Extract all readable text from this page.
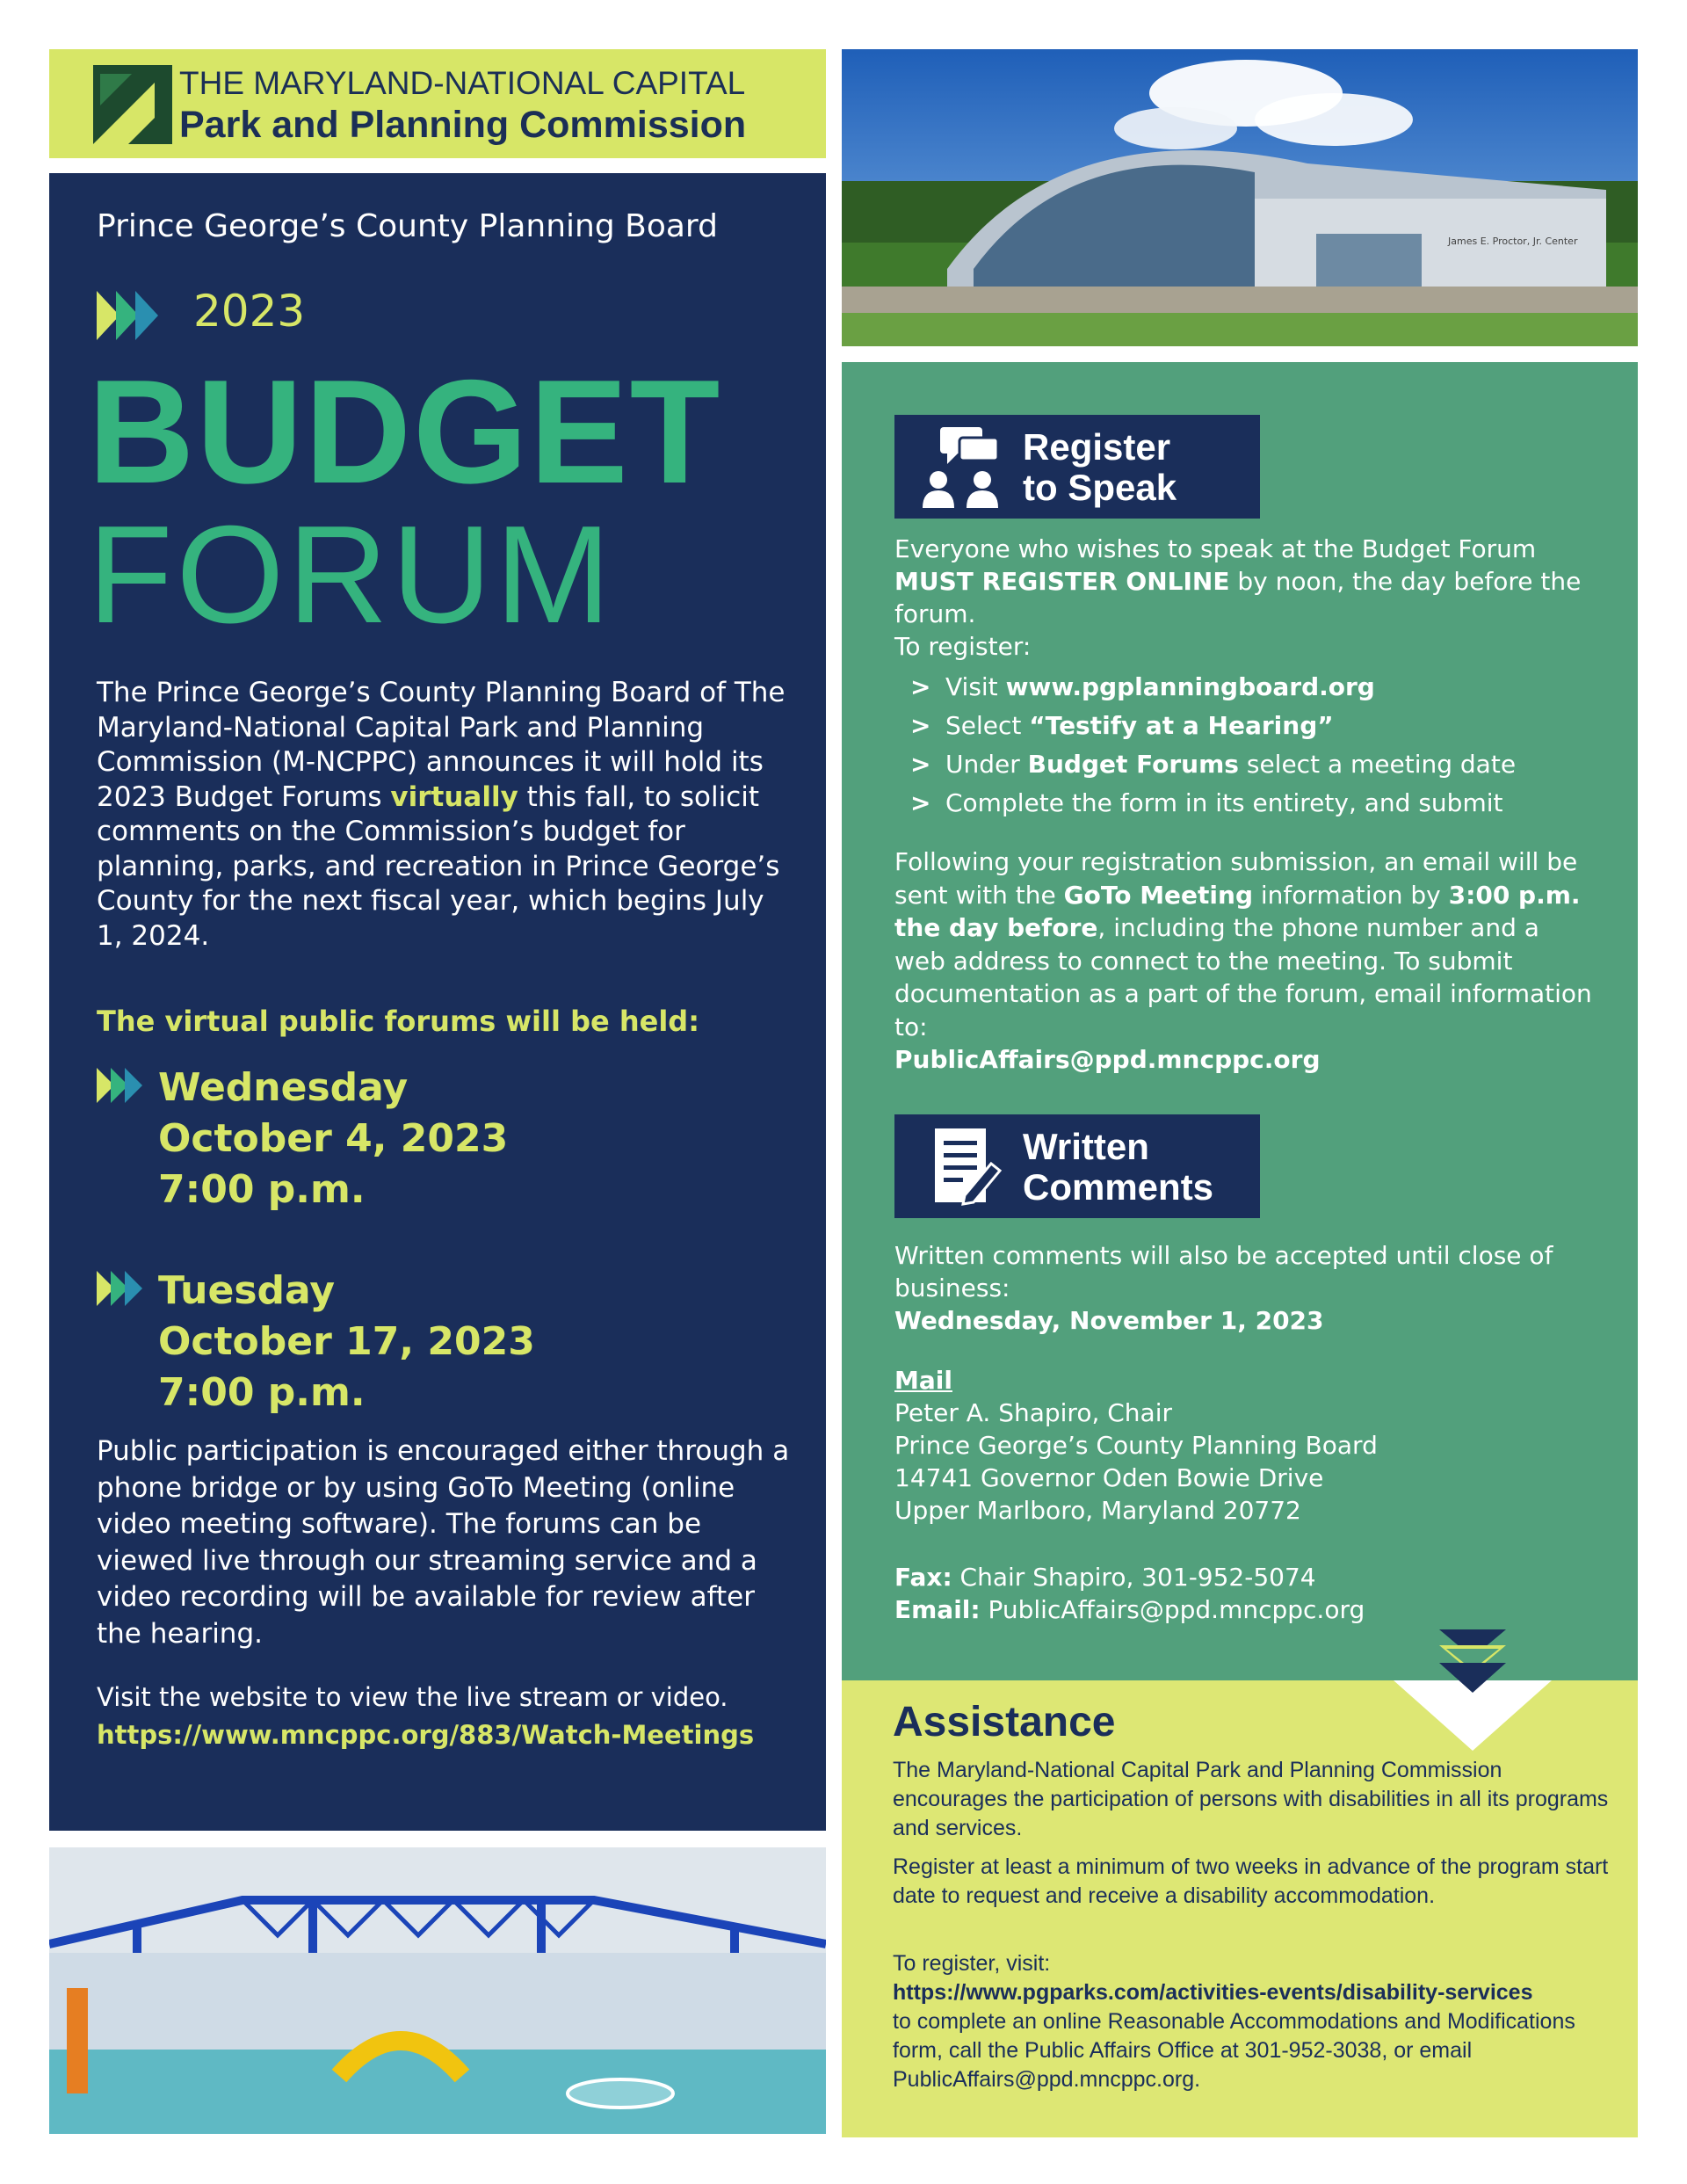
THE MARYLAND-NATIONAL CAPITAL
Park and Planning Commission
Prince George’s County Planning Board
2023
BUDGET
FORUM
The Prince George’s County Planning Board of The Maryland-National Capital Park and Planning Commission (M-NCPPC) announces it will hold its 2023 Budget Forums virtually this fall, to solicit comments on the Commission’s budget for planning, parks, and recreation in Prince George’s County for the next fiscal year, which begins July 1, 2024.
The virtual public forums will be held:
Wednesday
October 4, 2023
7:00 p.m.
Tuesday
October 17, 2023
7:00 p.m.
Public participation is encouraged either through a phone bridge or by using GoTo Meeting (online video meeting software). The forums can be viewed live through our streaming service and a video recording will be available for review after the hearing.
Visit the website to view the live stream or video.
https://www.mncppc.org/883/Watch-Meetings
James E. Proctor, Jr. Center
Register
to Speak
Everyone who wishes to speak at the Budget Forum MUST REGISTER ONLINE by noon, the day before the forum.
To register:
> Visit www.pgplanningboard.org
> Select “Testify at a Hearing”
> Under Budget Forums select a meeting date
> Complete the form in its entirety, and submit
Following your registration submission, an email will be sent with the GoTo Meeting information by 3:00 p.m. the day before, including the phone number and a web address to connect to the meeting. To submit documentation as a part of the forum, email information to:
PublicAffairs@ppd.mncppc.org
Written
Comments
Written comments will also be accepted until close of business:
Wednesday, November 1, 2023
Mail
Peter A. Shapiro, Chair
Prince George’s County Planning Board
14741 Governor Oden Bowie Drive
Upper Marlboro, Maryland 20772
Fax: Chair Shapiro, 301-952-5074
Email: PublicAffairs@ppd.mncppc.org
Assistance
The Maryland-National Capital Park and Planning Commission encourages the participation of persons with disabilities in all its programs and services.
Register at least a minimum of two weeks in advance of the program start date to request and receive a disability accommodation.
To register, visit:
https://www.pgparks.com/activities-events/disability-services
to complete an online Reasonable Accommodations and Modifications form, call the Public Affairs Office at 301-952-3038, or email PublicAffairs@ppd.mncppc.org.
